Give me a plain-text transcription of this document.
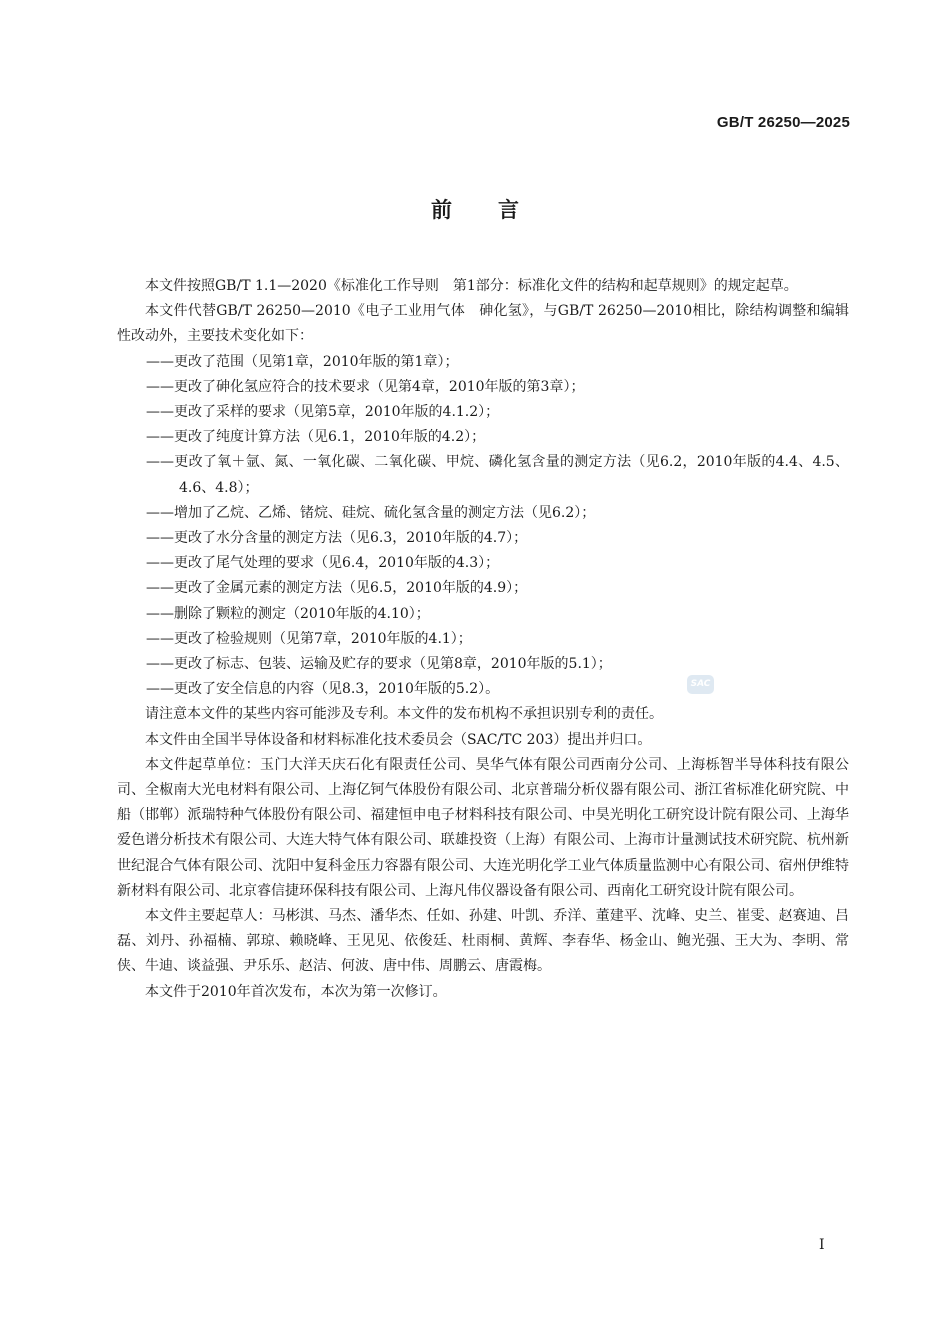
GB/T 26250—2025
前言

本文件按照GB/T 1.1—2020《标准化工作导则　第1部分：标准化文件的结构和起草规则》的规定起草。

本文件代替GB/T 26250—2010《电子工业用气体　砷化氢》，与GB/T 26250—2010相比，除结构调整和编辑性改动外，主要技术变化如下：

——更改了范围（见第1章，2010年版的第1章）；

——更改了砷化氢应符合的技术要求（见第4章，2010年版的第3章）；

——更改了采样的要求（见第5章，2010年版的4.1.2）；

——更改了纯度计算方法（见6.1，2010年版的4.2）；

——更改了氧＋氩、氮、一氧化碳、二氧化碳、甲烷、磷化氢含量的测定方法（见6.2，2010年版的4.4、4.5、4.6、4.8）；

——增加了乙烷、乙烯、锗烷、硅烷、硫化氢含量的测定方法（见6.2）；

——更改了水分含量的测定方法（见6.3，2010年版的4.7）；

——更改了尾气处理的要求（见6.4，2010年版的4.3）；

——更改了金属元素的测定方法（见6.5，2010年版的4.9）；

——删除了颗粒的测定（2010年版的4.10）；

——更改了检验规则（见第7章，2010年版的4.1）；

——更改了标志、包装、运输及贮存的要求（见第8章，2010年版的5.1）；

——更改了安全信息的内容（见8.3，2010年版的5.2）。

请注意本文件的某些内容可能涉及专利。本文件的发布机构不承担识别专利的责任。

本文件由全国半导体设备和材料标准化技术委员会（SAC/TC 203）提出并归口。

本文件起草单位：玉门大洋天庆石化有限责任公司、昊华气体有限公司西南分公司、上海栎智半导体科技有限公司、全椒南大光电材料有限公司、上海亿钶气体股份有限公司、北京普瑞分析仪器有限公司、浙江省标准化研究院、中船（邯郸）派瑞特种气体股份有限公司、福建恒申电子材料科技有限公司、中昊光明化工研究设计院有限公司、上海华爱色谱分析技术有限公司、大连大特气体有限公司、联雄投资（上海）有限公司、上海市计量测试技术研究院、杭州新世纪混合气体有限公司、沈阳中复科金压力容器有限公司、大连光明化学工业气体质量监测中心有限公司、宿州伊维特新材料有限公司、北京睿信捷环保科技有限公司、上海凡伟仪器设备有限公司、西南化工研究设计院有限公司。

本文件主要起草人：马彬淇、马杰、潘华杰、任如、孙建、叶凯、乔洋、董建平、沈峰、史兰、崔雯、赵赛迪、吕磊、刘丹、孙福楠、郭琼、赖晓峰、王见见、依俊廷、杜雨桐、黄辉、李春华、杨金山、鲍光强、王大为、李明、常侠、牛迪、谈益强、尹乐乐、赵洁、何波、唐中伟、周鹏云、唐霞梅。

本文件于2010年首次发布，本次为第一次修订。

SAC
I
